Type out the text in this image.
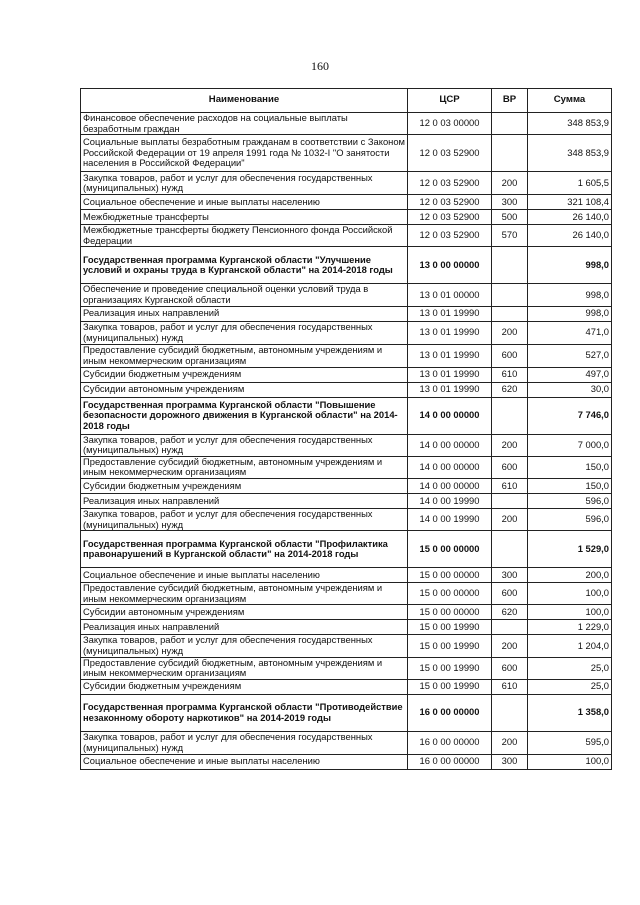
160
Наименование	ЦСР	ВР	Сумма
Финансовое обеспечение расходов на социальные выплаты безработным граждан	12 0 03 00000		348 853,9
Социальные выплаты безработным гражданам в соответствии с Законом Российской Федерации от 19 апреля 1991 года № 1032-I "О занятости населения в Российской Федерации"	12 0 03 52900		348 853,9
Закупка товаров, работ и услуг для обеспечения государственных (муниципальных) нужд	12 0 03 52900	200	1 605,5
Социальное обеспечение и иные выплаты населению	12 0 03 52900	300	321 108,4
Межбюджетные трансферты	12 0 03 52900	500	26 140,0
Межбюджетные трансферты бюджету Пенсионного фонда Российской Федерации	12 0 03 52900	570	26 140,0
Государственная программа Курганской области "Улучшение условий и охраны труда в Курганской области" на 2014-2018 годы	13 0 00 00000		998,0
Обеспечение и проведение специальной оценки условий труда в организациях Курганской области	13 0 01 00000		998,0
Реализация иных направлений	13 0 01 19990		998,0
Закупка товаров, работ и услуг для обеспечения государственных (муниципальных) нужд	13 0 01 19990	200	471,0
Предоставление субсидий бюджетным, автономным учреждениям и иным некоммерческим организациям	13 0 01 19990	600	527,0
Субсидии бюджетным учреждениям	13 0 01 19990	610	497,0
Субсидии автономным учреждениям	13 0 01 19990	620	30,0
Государственная программа Курганской области "Повышение безопасности дорожного движения в Курганской области" на 2014-2018 годы	14 0 00 00000		7 746,0
Закупка товаров, работ и услуг для обеспечения государственных (муниципальных) нужд	14 0 00 00000	200	7 000,0
Предоставление субсидий бюджетным, автономным учреждениям и иным некоммерческим организациям	14 0 00 00000	600	150,0
Субсидии бюджетным учреждениям	14 0 00 00000	610	150,0
Реализация иных направлений	14 0 00 19990		596,0
Закупка товаров, работ и услуг для обеспечения государственных (муниципальных) нужд	14 0 00 19990	200	596,0
Государственная программа Курганской области "Профилактика правонарушений в Курганской области" на 2014-2018 годы	15 0 00 00000		1 529,0
Социальное обеспечение и иные выплаты населению	15 0 00 00000	300	200,0
Предоставление субсидий бюджетным, автономным учреждениям и иным некоммерческим организациям	15 0 00 00000	600	100,0
Субсидии автономным учреждениям	15 0 00 00000	620	100,0
Реализация иных направлений	15 0 00 19990		1 229,0
Закупка товаров, работ и услуг для обеспечения государственных (муниципальных) нужд	15 0 00 19990	200	1 204,0
Предоставление субсидий бюджетным, автономным учреждениям и иным некоммерческим организациям	15 0 00 19990	600	25,0
Субсидии бюджетным учреждениям	15 0 00 19990	610	25,0
Государственная программа Курганской области "Противодействие незаконному обороту наркотиков" на 2014-2019 годы	16 0 00 00000		1 358,0
Закупка товаров, работ и услуг для обеспечения государственных (муниципальных) нужд	16 0 00 00000	200	595,0
Социальное обеспечение и иные выплаты населению	16 0 00 00000	300	100,0
